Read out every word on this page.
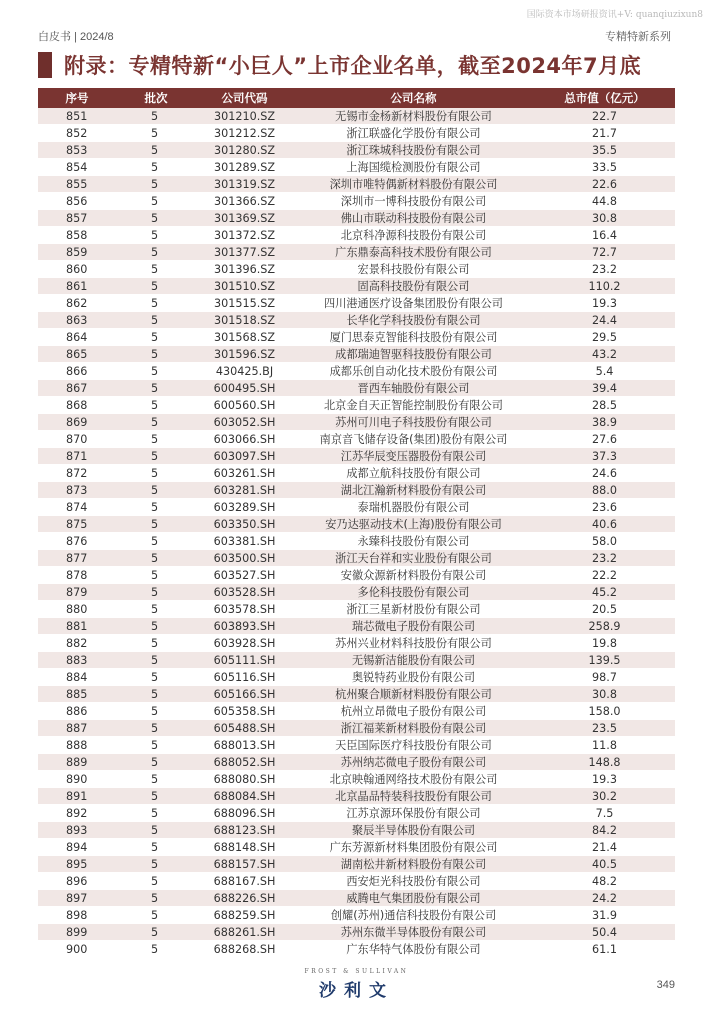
国际资本市场研报资讯+V: quanqiuzixun8
白皮书 | 2024/8	专精特新系列
附录：专精特新“小巨人”上市企业名单，截至2024年7月底
序号	批次	公司代码	公司名称	总市值（亿元）
851	5	301210.SZ	无锡市金杨新材料股份有限公司	22.7
852	5	301212.SZ	浙江联盛化学股份有限公司	21.7
853	5	301280.SZ	浙江珠城科技股份有限公司	35.5
854	5	301289.SZ	上海国缆检测股份有限公司	33.5
855	5	301319.SZ	深圳市唯特偶新材料股份有限公司	22.6
856	5	301366.SZ	深圳市一博科技股份有限公司	44.8
857	5	301369.SZ	佛山市联动科技股份有限公司	30.8
858	5	301372.SZ	北京科净源科技股份有限公司	16.4
859	5	301377.SZ	广东鼎泰高科技术股份有限公司	72.7
860	5	301396.SZ	宏景科技股份有限公司	23.2
861	5	301510.SZ	固高科技股份有限公司	110.2
862	5	301515.SZ	四川港通医疗设备集团股份有限公司	19.3
863	5	301518.SZ	长华化学科技股份有限公司	24.4
864	5	301568.SZ	厦门思泰克智能科技股份有限公司	29.5
865	5	301596.SZ	成都瑞迪智驱科技股份有限公司	43.2
866	5	430425.BJ	成都乐创自动化技术股份有限公司	5.4
867	5	600495.SH	晋西车轴股份有限公司	39.4
868	5	600560.SH	北京金自天正智能控制股份有限公司	28.5
869	5	603052.SH	苏州可川电子科技股份有限公司	38.9
870	5	603066.SH	南京音飞储存设备(集团)股份有限公司	27.6
871	5	603097.SH	江苏华辰变压器股份有限公司	37.3
872	5	603261.SH	成都立航科技股份有限公司	24.6
873	5	603281.SH	湖北江瀚新材料股份有限公司	88.0
874	5	603289.SH	泰瑞机器股份有限公司	23.6
875	5	603350.SH	安乃达驱动技术(上海)股份有限公司	40.6
876	5	603381.SH	永臻科技股份有限公司	58.0
877	5	603500.SH	浙江天台祥和实业股份有限公司	23.2
878	5	603527.SH	安徽众源新材料股份有限公司	22.2
879	5	603528.SH	多伦科技股份有限公司	45.2
880	5	603578.SH	浙江三星新材股份有限公司	20.5
881	5	603893.SH	瑞芯微电子股份有限公司	258.9
882	5	603928.SH	苏州兴业材料科技股份有限公司	19.8
883	5	605111.SH	无锡新洁能股份有限公司	139.5
884	5	605116.SH	奥锐特药业股份有限公司	98.7
885	5	605166.SH	杭州聚合顺新材料股份有限公司	30.8
886	5	605358.SH	杭州立昂微电子股份有限公司	158.0
887	5	605488.SH	浙江福莱新材料股份有限公司	23.5
888	5	688013.SH	天臣国际医疗科技股份有限公司	11.8
889	5	688052.SH	苏州纳芯微电子股份有限公司	148.8
890	5	688080.SH	北京映翰通网络技术股份有限公司	19.3
891	5	688084.SH	北京晶品特装科技股份有限公司	30.2
892	5	688096.SH	江苏京源环保股份有限公司	7.5
893	5	688123.SH	聚辰半导体股份有限公司	84.2
894	5	688148.SH	广东芳源新材料集团股份有限公司	21.4
895	5	688157.SH	湖南松井新材料股份有限公司	40.5
896	5	688167.SH	西安炬光科技股份有限公司	48.2
897	5	688226.SH	威腾电气集团股份有限公司	24.2
898	5	688259.SH	创耀(苏州)通信科技股份有限公司	31.9
899	5	688261.SH	苏州东微半导体股份有限公司	50.4
900	5	688268.SH	广东华特气体股份有限公司	61.1
FROST & SULLIVAN
沙利文	349
